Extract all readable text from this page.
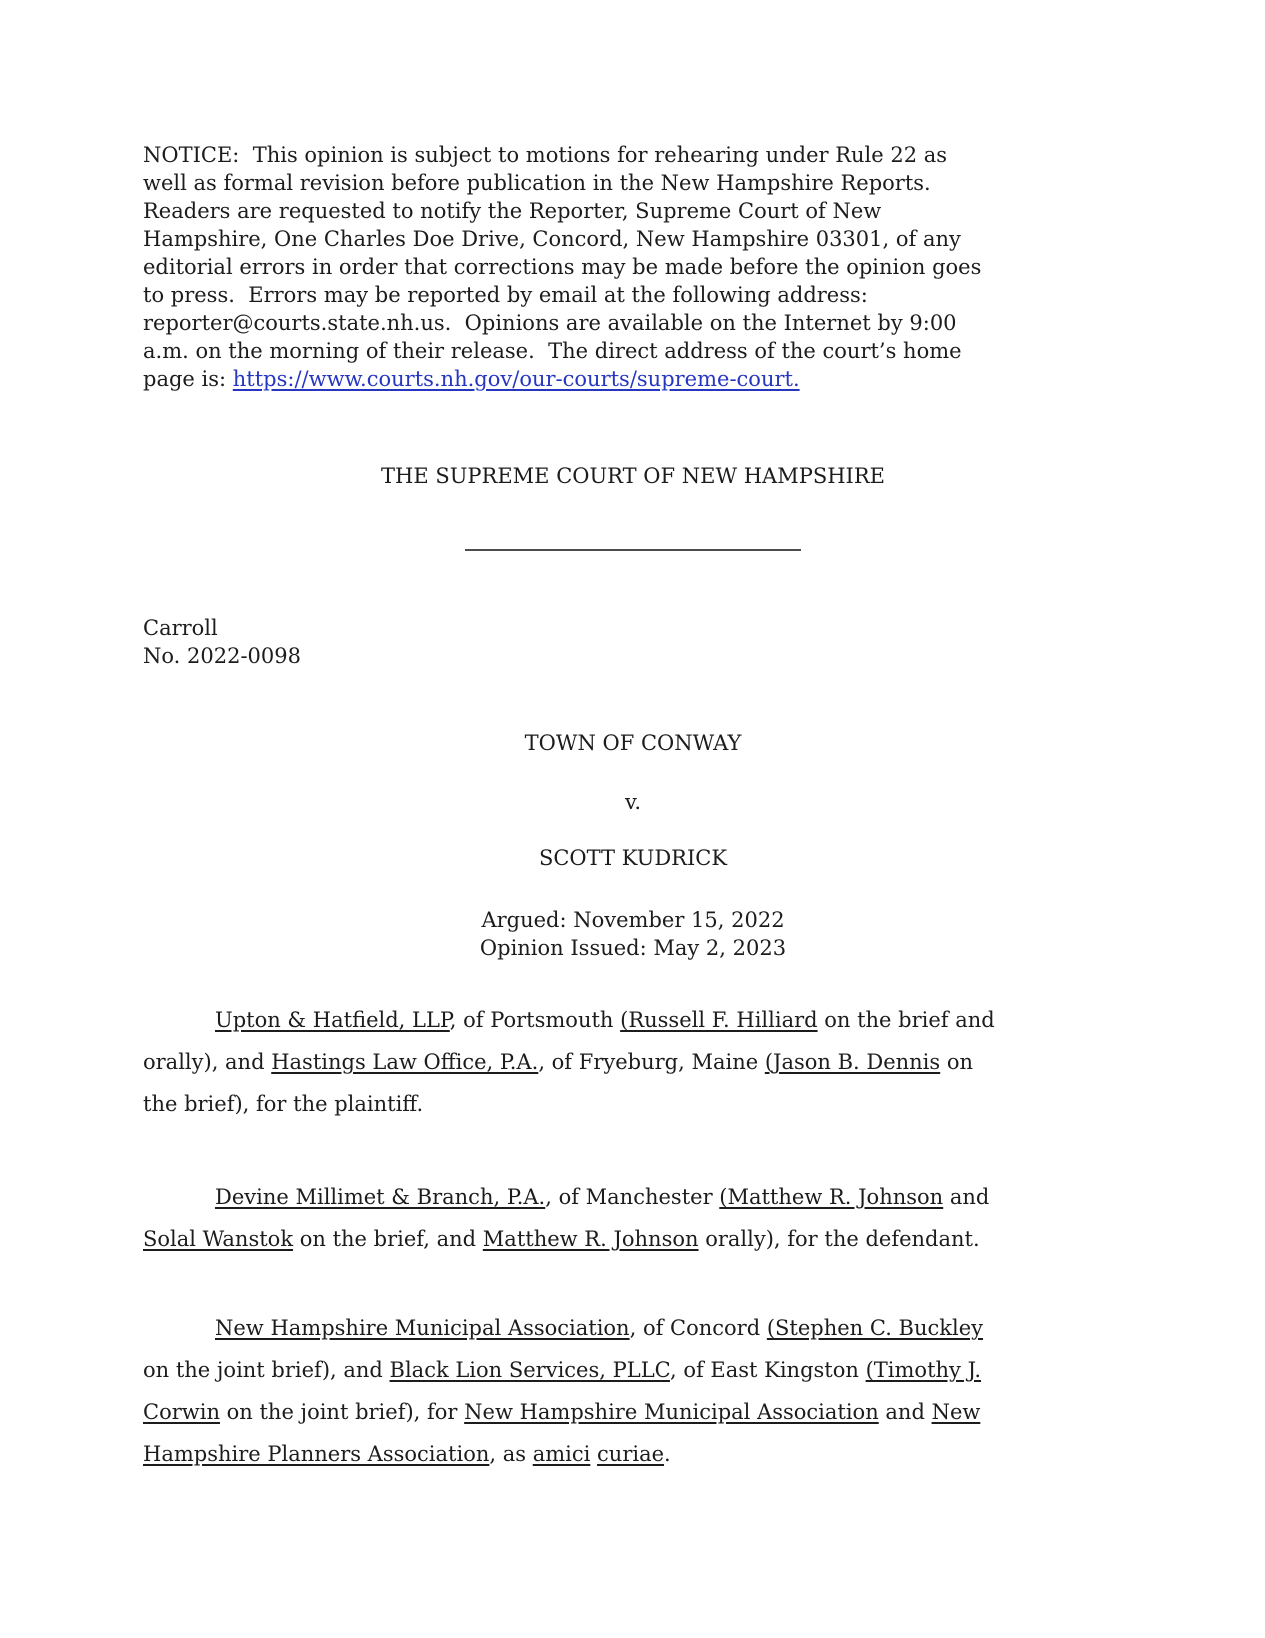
NOTICE:  This opinion is subject to motions for rehearing under Rule 22 as
well as formal revision before publication in the New Hampshire Reports.
Readers are requested to notify the Reporter, Supreme Court of New
Hampshire, One Charles Doe Drive, Concord, New Hampshire 03301, of any
editorial errors in order that corrections may be made before the opinion goes
to press.  Errors may be reported by email at the following address:
reporter@courts.state.nh.us.  Opinions are available on the Internet by 9:00
a.m. on the morning of their release.  The direct address of the court’s home
page is: https://www.courts.nh.gov/our-courts/supreme-court.

THE SUPREME COURT OF NEW HAMPSHIRE
Carroll
No. 2022-0098
TOWN OF CONWAY
v.
SCOTT KUDRICK
Argued: November 15, 2022
Opinion Issued: May 2, 2023

Upton & Hatfield, LLP, of Portsmouth (Russell F. Hilliard on the brief and
orally), and Hastings Law Office, P.A., of Fryeburg, Maine (Jason B. Dennis on
the brief), for the plaintiff.

Devine Millimet & Branch, P.A., of Manchester (Matthew R. Johnson and
Solal Wanstok on the brief, and Matthew R. Johnson orally), for the defendant.

New Hampshire Municipal Association, of Concord (Stephen C. Buckley
on the joint brief), and Black Lion Services, PLLC, of East Kingston (Timothy J.
Corwin on the joint brief), for New Hampshire Municipal Association and New
Hampshire Planners Association, as amici curiae.
